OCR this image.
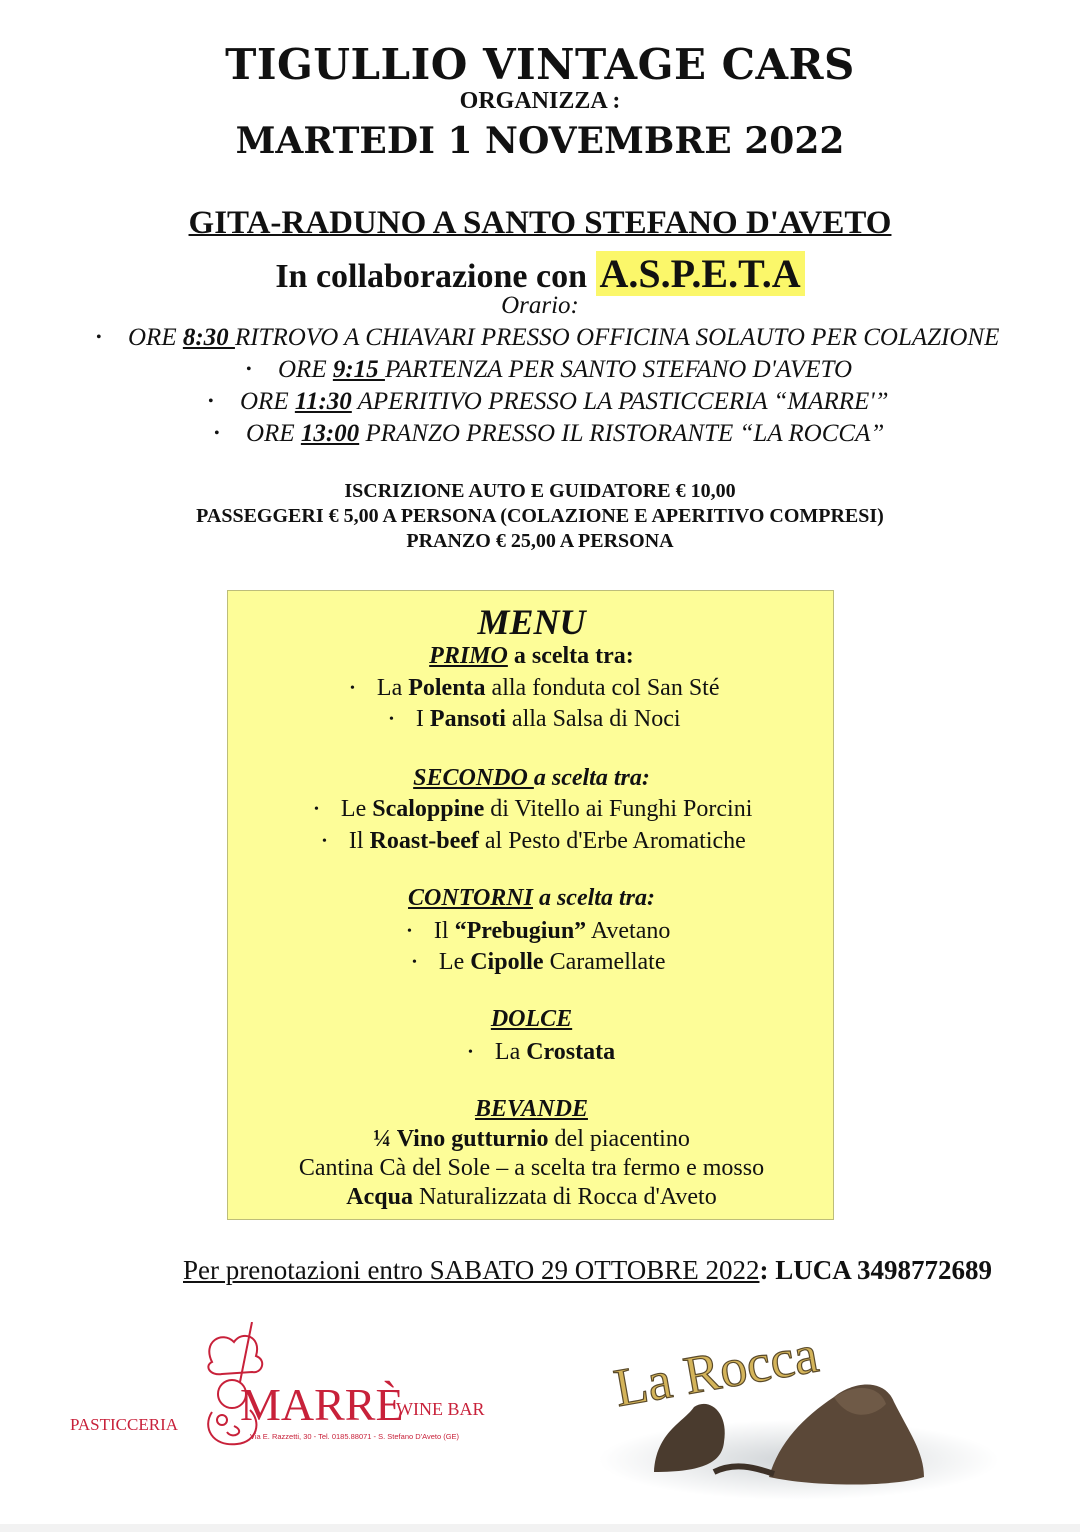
TIGULLIO VINTAGE CARS
ORGANIZZA :
MARTEDI 1 NOVEMBRE 2022
GITA-RADUNO A SANTO STEFANO D'AVETO
In collaborazione con A.S.P.E.T.A
Orario:
• ORE 8:30 RITROVO A CHIAVARI PRESSO OFFICINA SOLAUTO PER COLAZIONE
• ORE 9:15 PARTENZA PER SANTO STEFANO D'AVETO
• ORE 11:30 APERITIVO PRESSO LA PASTICCERIA “MARRE'”
• ORE 13:00 PRANZO PRESSO IL RISTORANTE “LA ROCCA”
ISCRIZIONE AUTO E GUIDATORE € 10,00
PASSEGGERI € 5,00 A PERSONA (COLAZIONE E APERITIVO COMPRESI)
PRANZO € 25,00 A PERSONA
MENU
PRIMO a scelta tra:
• La Polenta alla fonduta col San Sté
• I Pansoti alla Salsa di Noci
SECONDO a scelta tra:
• Le Scaloppine di Vitello ai Funghi Porcini
• Il Roast-beef al Pesto d'Erbe Aromatiche
CONTORNI a scelta tra:
• Il “Prebugiun” Avetano
• Le Cipolle Caramellate
DOLCE
• La Crostata
BEVANDE
¼ Vino gutturnio del piacentino
Cantina Cà del Sole – a scelta tra fermo e mosso
Acqua Naturalizzata di Rocca d'Aveto
Per prenotazioni entro SABATO 29 OTTOBRE 2022: LUCA 3498772689
PASTICCERIA MARRÈ
WINE BAR
Via E. Razzetti, 30 - Tel. 0185.88071 - S. Stefano D'Aveto (GE)
La Rocca
